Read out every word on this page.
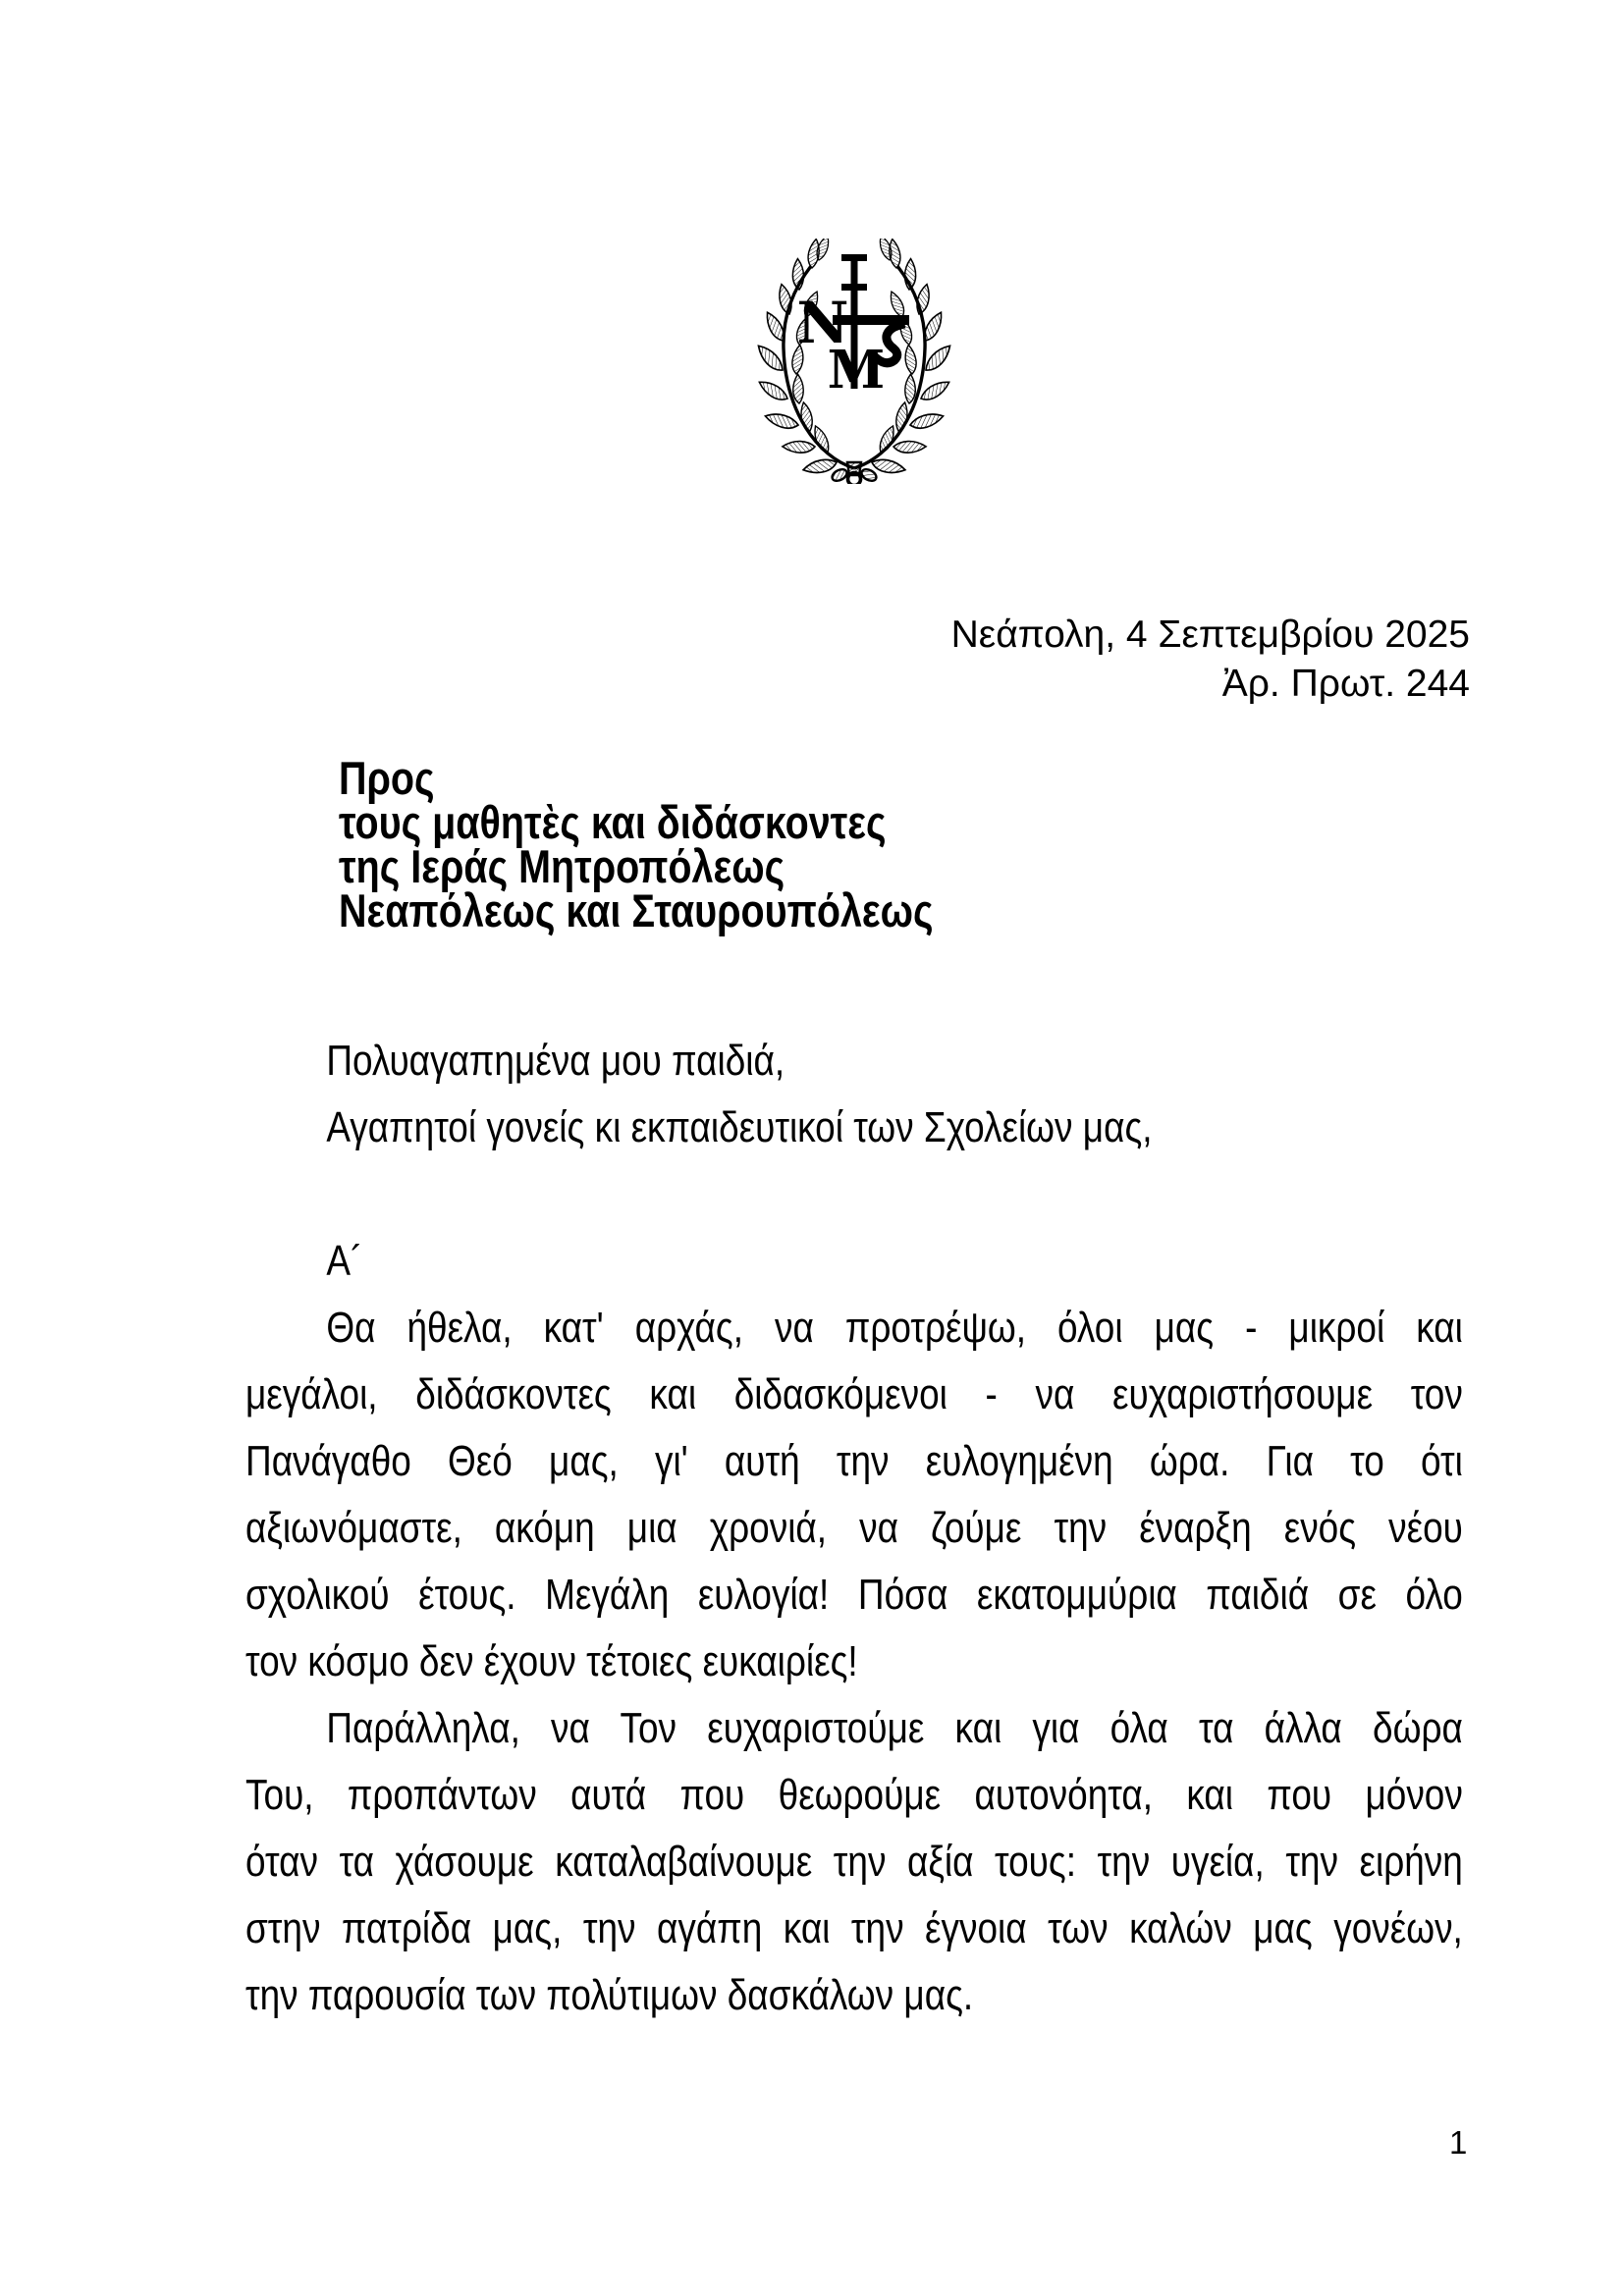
Ν
Μ
Νεάπολη, 4 Σεπτεμβρίου 2025
Ἀρ. Πρωτ. 244
Προς
τους μαθητὲς και διδάσκοντες
της Ιεράς Μητροπόλεως
Νεαπόλεως και Σταυρουπόλεως
Πολυαγαπημένα μου παιδιά,
Αγαπητοί γονείς κι εκπαιδευτικοί των Σχολείων μας,
Α´
Θα ήθελα, κατ' αρχάς, να προτρέψω, όλοι μας - μικροί και
μεγάλοι, διδάσκοντες και διδασκόμενοι - να ευχαριστήσουμε τον
Πανάγαθο Θεό μας, γι' αυτή την ευλογημένη ώρα. Για το ότι
αξιωνόμαστε, ακόμη μια χρονιά, να ζούμε την έναρξη ενός νέου
σχολικού έτους. Μεγάλη ευλογία! Πόσα εκατομμύρια παιδιά σε όλο
τον κόσμο δεν έχουν τέτοιες ευκαιρίες!
Παράλληλα, να Τον ευχαριστούμε και για όλα τα άλλα δώρα
Του, προπάντων αυτά που θεωρούμε αυτονόητα, και που μόνον
όταν τα χάσουμε καταλαβαίνουμε την αξία τους: την υγεία, την ειρήνη
στην πατρίδα μας, την αγάπη και την έγνοια των καλών μας γονέων,
την παρουσία των πολύτιμων δασκάλων μας.
1
